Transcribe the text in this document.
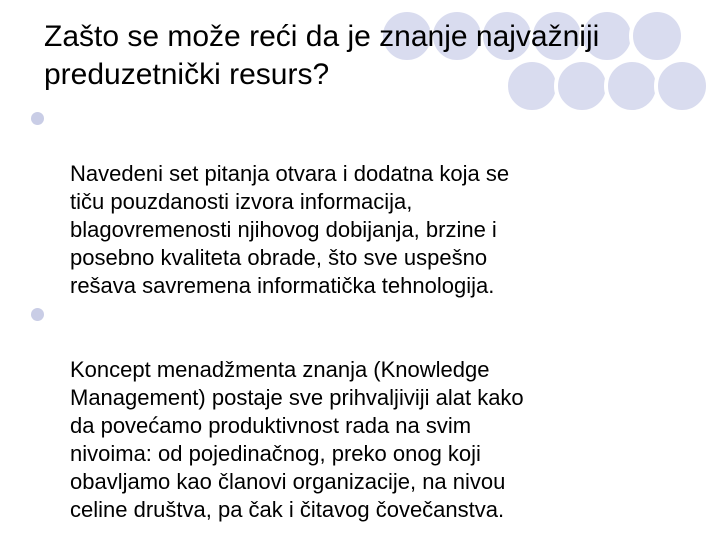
Zašto se može reći da je znanje najvažniji
preduzetnički resurs?

Navedeni set pitanja otvara i dodatna koja se
tiču pouzdanosti izvora informacija,
blagovremenosti njihovog dobijanja, brzine i
posebno kvaliteta obrade, što sve uspešno
rešava savremena informatička tehnologija.

Koncept menadžmenta znanja (Knowledge
Management) postaje sve prihvaljiviji alat kako
da povećamo produktivnost rada na svim
nivoima: od pojedinačnog, preko onog koji
obavljamo kao članovi organizacije, na nivou
celine društva, pa čak i čitavog čovečanstva.
